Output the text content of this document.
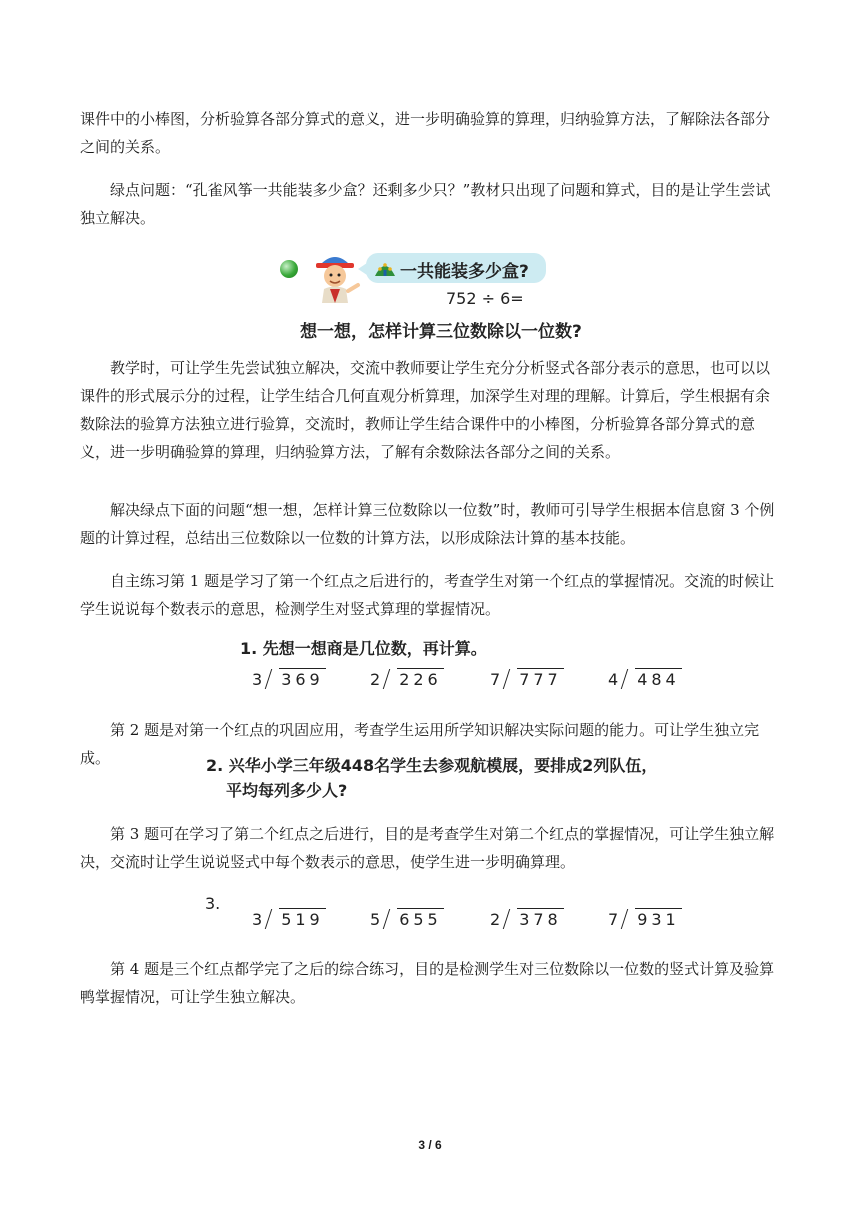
课件中的小棒图，分析验算各部分算式的意义，进一步明确验算的算理，归纳验算方法，了解除法各部分之间的关系。

绿点问题：“孔雀风筝一共能装多少盒？还剩多少只？”教材只出现了问题和算式，目的是让学生尝试独立解决。

一共能装多少盒?
752 ÷ 6=
想一想，怎样计算三位数除以一位数?

教学时，可让学生先尝试独立解决，交流中教师要让学生充分分析竖式各部分表示的意思，也可以以课件的形式展示分的过程，让学生结合几何直观分析算理，加深学生对理的理解。计算后，学生根据有余数除法的验算方法独立进行验算，交流时，教师让学生结合课件中的小棒图，分析验算各部分算式的意义，进一步明确验算的算理，归纳验算方法，了解有余数除法各部分之间的关系。

解决绿点下面的问题“想一想，怎样计算三位数除以一位数”时，教师可引导学生根据本信息窗 3 个例题的计算过程，总结出三位数除以一位数的计算方法，以形成除法计算的基本技能。

自主练习第 1 题是学习了第一个红点之后进行的，考查学生对第一个红点的掌握情况。交流的时候让学生说说每个数表示的意思，检测学生对竖式算理的掌握情况。

1. 先想一想商是几位数，再计算。
3 369	2 226	7 777	4 484

第 2 题是对第一个红点的巩固应用，考查学生运用所学知识解决实际问题的能力。可让学生独立完成。	2. 兴华小学三年级448名学生去参观航模展，要排成2列队伍，
平均每列多少人?

第 3 题可在学习了第二个红点之后进行，目的是考查学生对第二个红点的掌握情况，可让学生独立解决，交流时让学生说说竖式中每个数表示的意思，使学生进一步明确算理。

3.
3 519	5 655	2 378	7 931

第 4 题是三个红点都学完了之后的综合练习，目的是检测学生对三位数除以一位数的竖式计算及验算鸭掌握情况，可让学生独立解决。

3 / 6
